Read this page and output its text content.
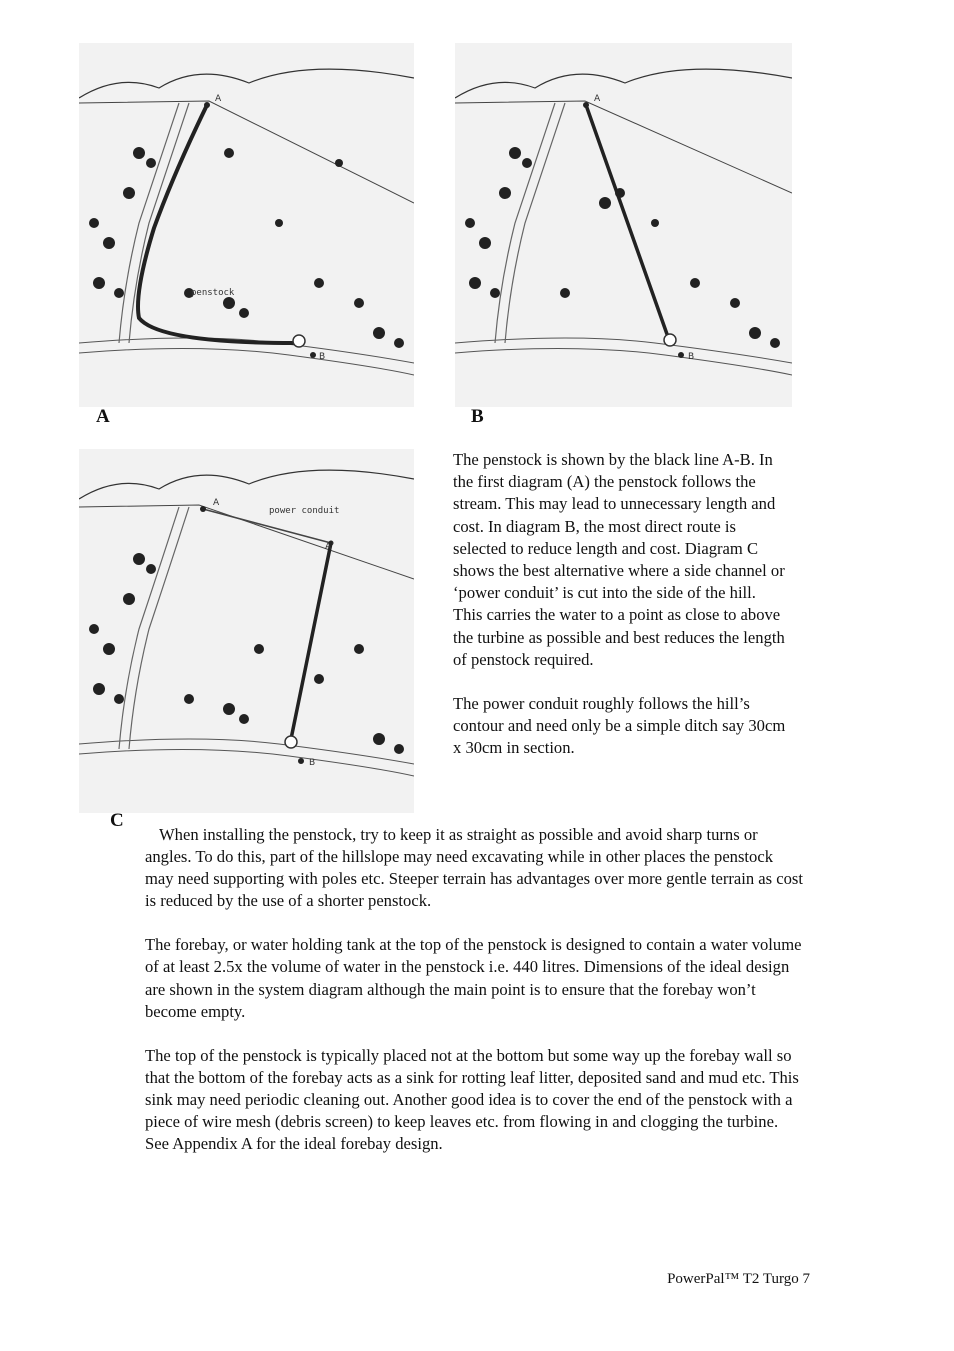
A
B
penstock
A
A
B
B
A
A'
B
power conduit
C

The penstock is shown by the black line A-B. In the first diagram (A) the penstock follows the stream. This may lead to unnecessary length and cost. In diagram B, the most direct route is selected to reduce length and cost. Diagram C shows the best alternative where a side channel or ‘power conduit’ is cut into the side of the hill. This carries the water to a point as close to above the turbine as possible and best reduces the length of penstock required.

The power conduit roughly follows the hill’s contour and need only be a simple ditch say 30cm x 30cm in section.

When installing the penstock, try to keep it as straight as possible and avoid sharp turns or angles. To do this, part of the hillslope may need excavating while in other places the penstock may need supporting with poles etc. Steeper terrain has advantages over more gentle terrain as cost is reduced by the use of a shorter penstock.

The forebay, or water holding tank at the top of the penstock is designed to contain a water volume of at least 2.5x the volume of water in the penstock i.e. 440 litres. Dimensions of the ideal design are shown in the system diagram although the main point is to ensure that the forebay won’t become empty.

The top of the penstock is typically placed not at the bottom but some way up the forebay wall so that the bottom of the forebay acts as a sink for rotting leaf litter, deposited sand and mud etc. This sink may need periodic cleaning out. Another good idea is to cover the end of the penstock with a piece of wire mesh (debris screen) to keep leaves etc. from flowing in and clogging the turbine. See Appendix A for the ideal forebay design.

PowerPal™ T2 Turgo 7
